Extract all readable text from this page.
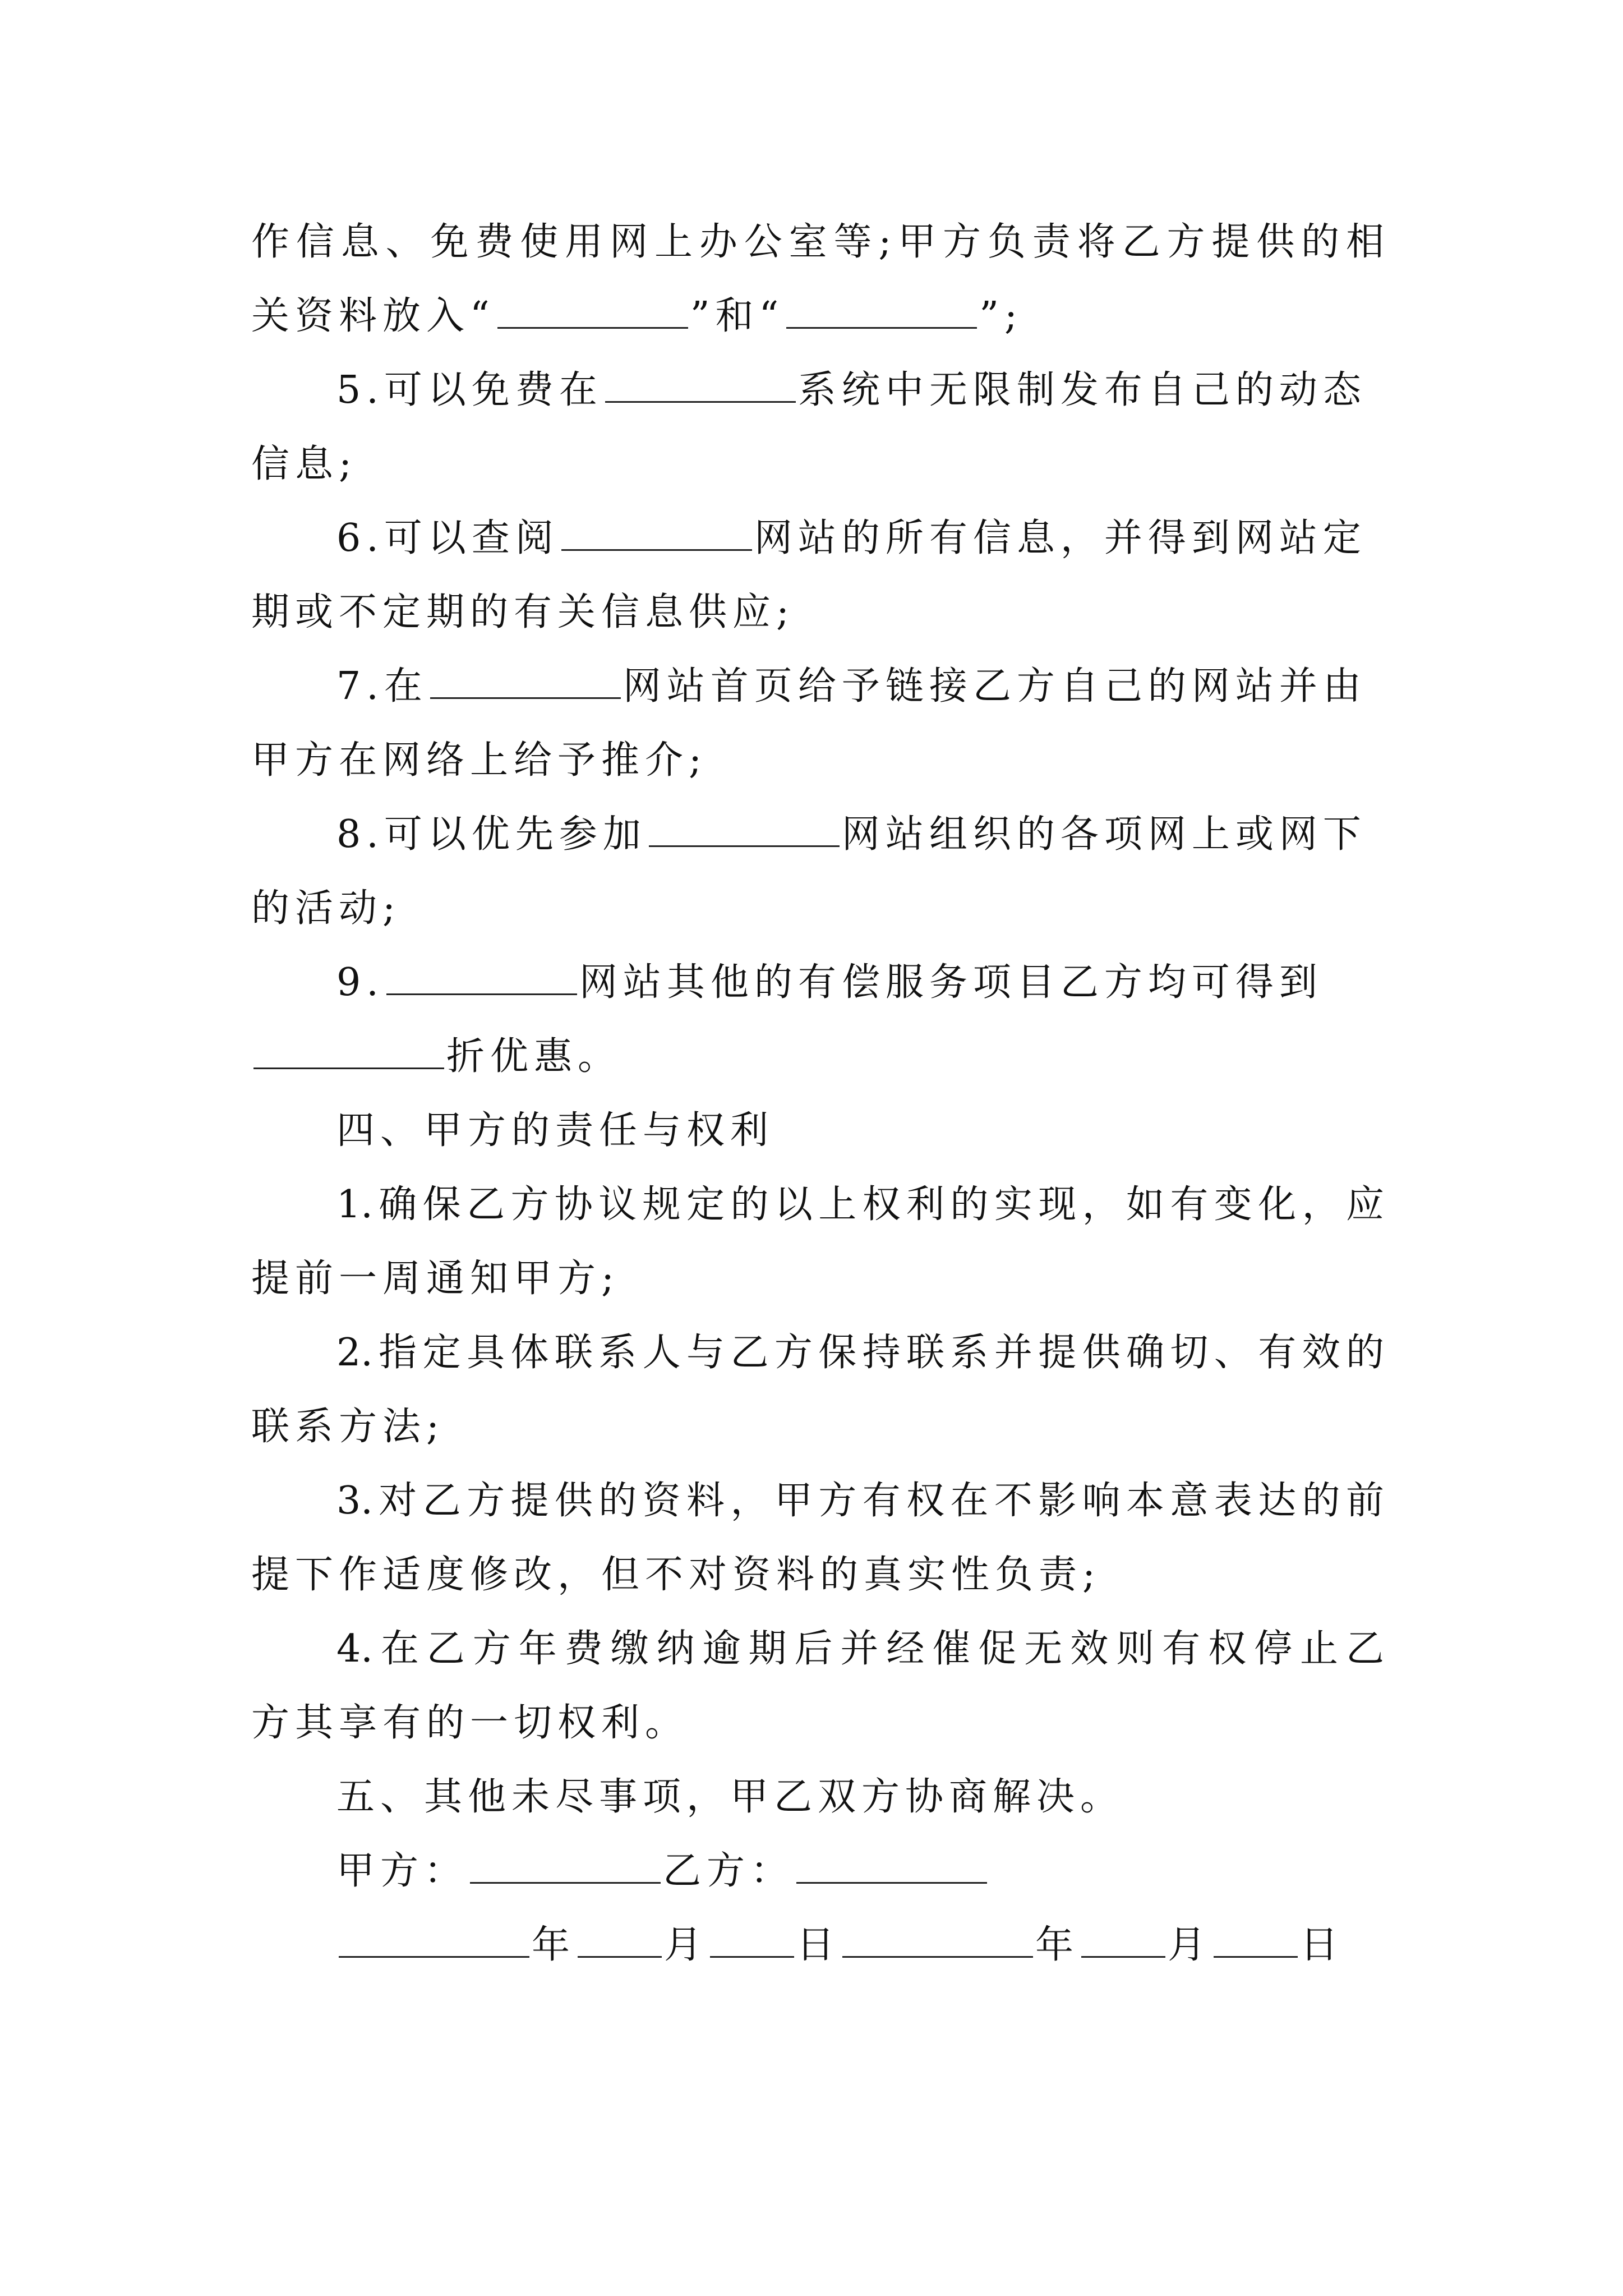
作信息、免费使用网上办公室等;甲方负责将乙方提供的相
关资料放入“	”和“	”;
5.可以免费在	系统中无限制发布自己的动态
信息;
6.可以查阅	网站的所有信息，并得到网站定
期或不定期的有关信息供应;
7.在	网站首页给予链接乙方自己的网站并由
甲方在网络上给予推介;
8.可以优先参加	网站组织的各项网上或网下
的活动;
9.	网站其他的有偿服务项目乙方均可得到
折优惠。
四、甲方的责任与权利
1.确保乙方协议规定的以上权利的实现，如有变化，应
提前一周通知甲方;
2.指定具体联系人与乙方保持联系并提供确切、有效的
联系方法;
3.对乙方提供的资料，甲方有权在不影响本意表达的前
提下作适度修改，但不对资料的真实性负责;
4.在乙方年费缴纳逾期后并经催促无效则有权停止乙
方其享有的一切权利。
五、其他未尽事项，甲乙双方协商解决。
甲方：	乙方：
年 月 日	年 月 日
